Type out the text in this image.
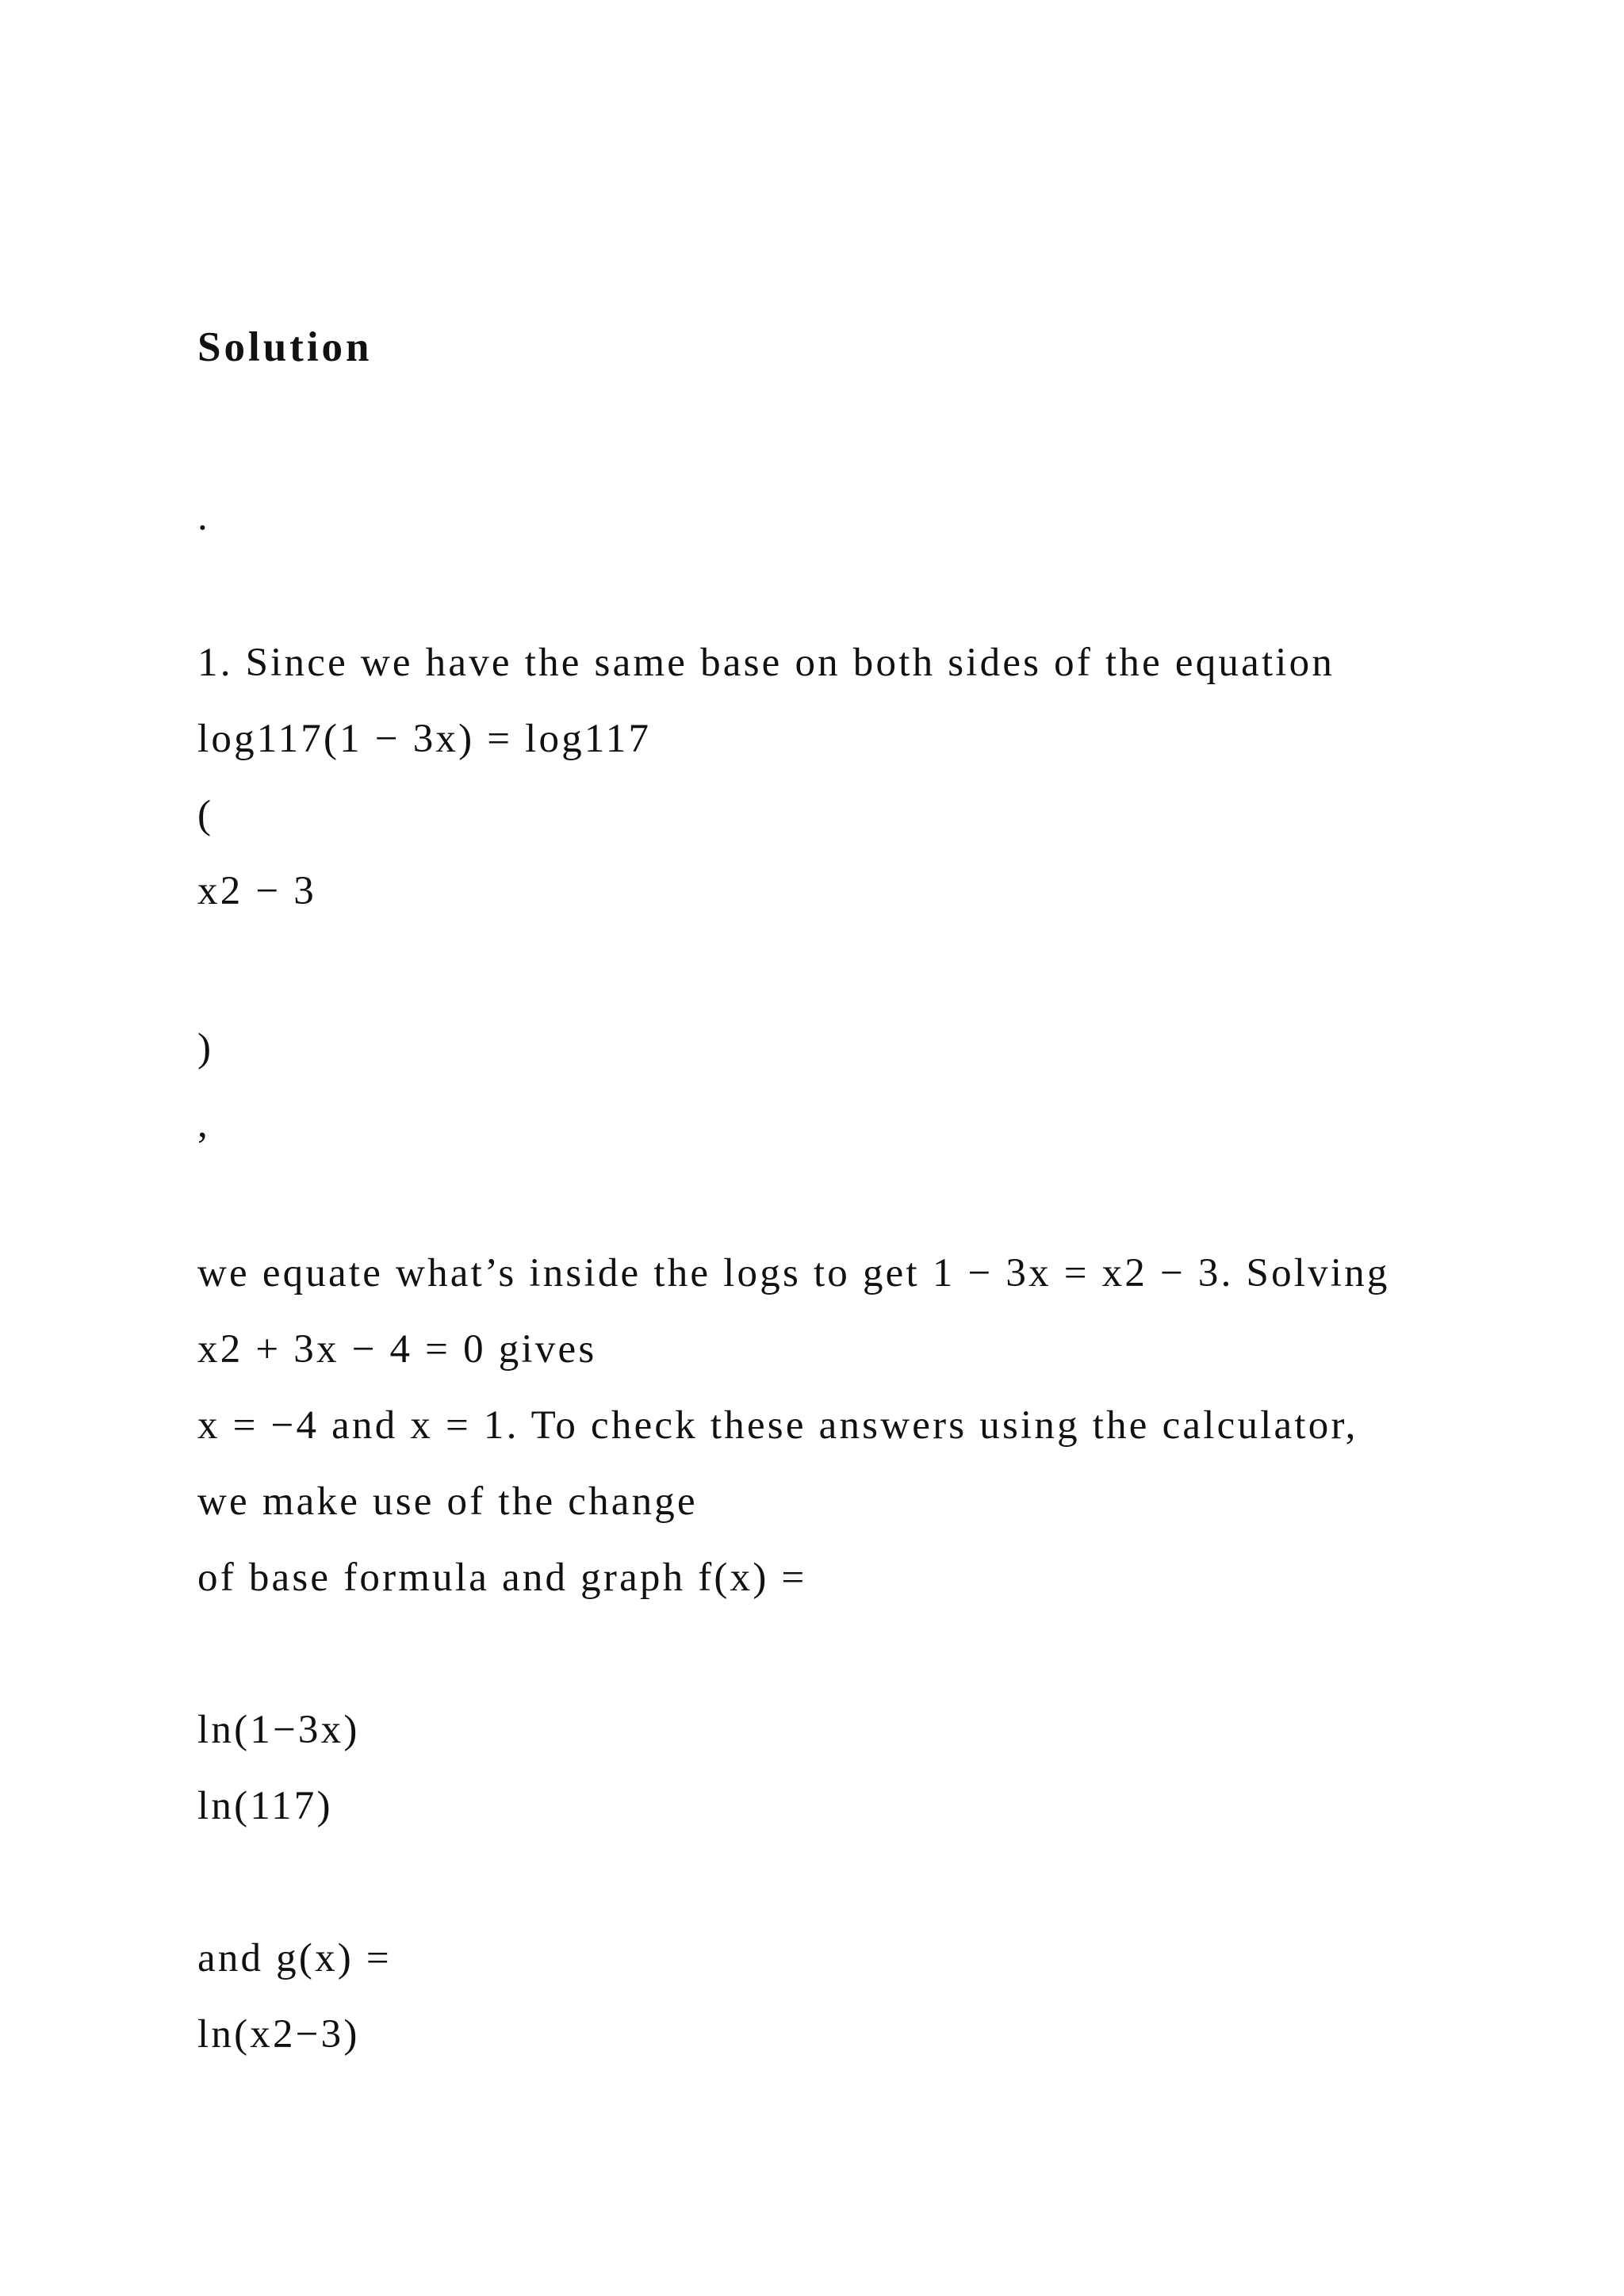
Solution

.

1. Since we have the same base on both sides of the equation

log117(1 − 3x) = log117

(

x2 − 3

)

,

we equate what’s inside the logs to get 1 − 3x = x2 − 3. Solving

x2 + 3x − 4 = 0 gives

x = −4 and x = 1. To check these answers using the calculator,

we make use of the change

of base formula and graph f(x) =

ln(1−3x)

ln(117)

and g(x) =

ln(x2−3)
